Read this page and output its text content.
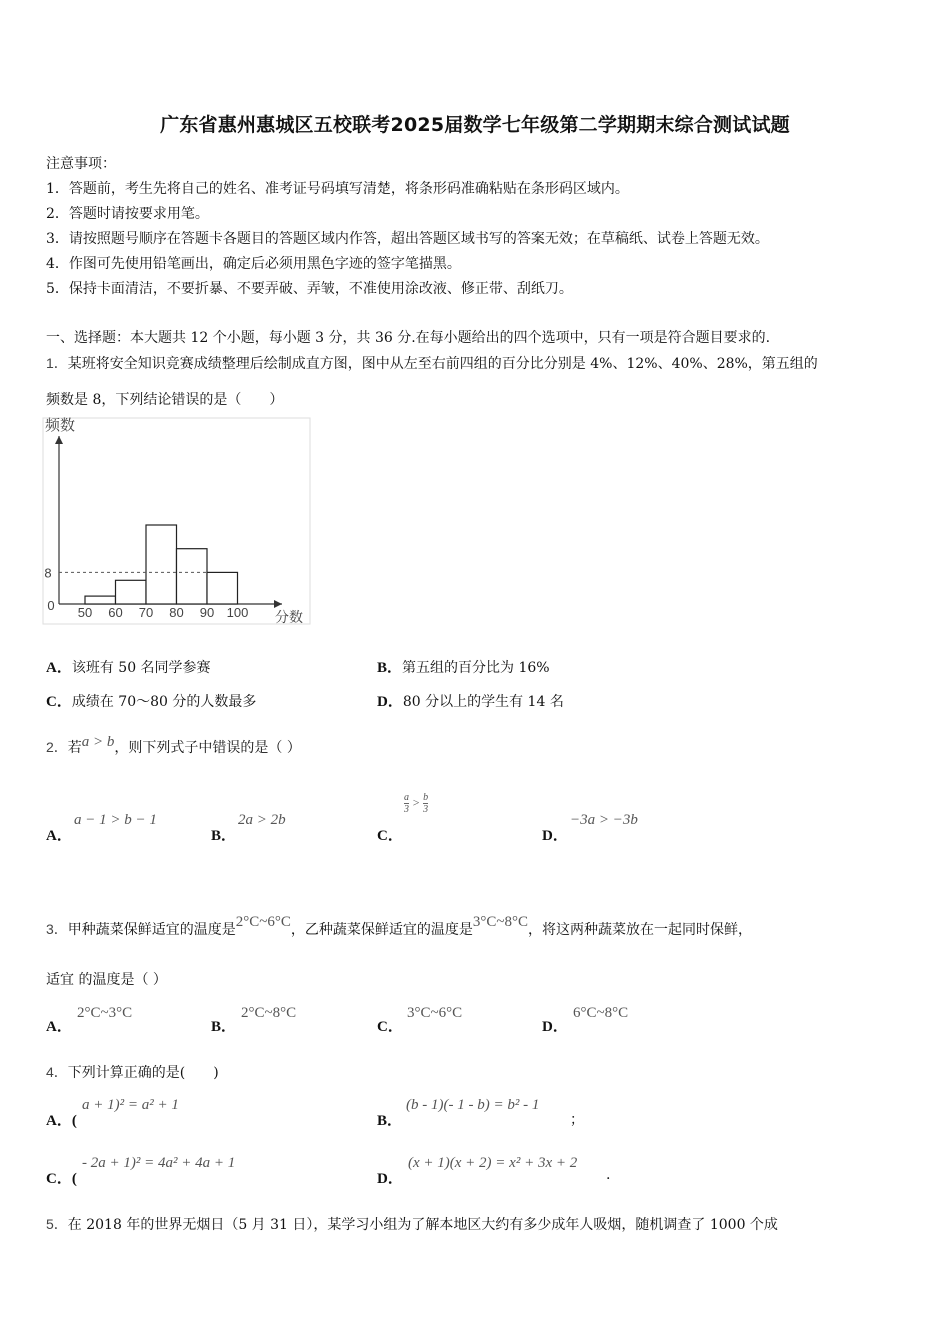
广东省惠州惠城区五校联考2025届数学七年级第二学期期末综合测试试题
注意事项：
1．答题前，考生先将自己的姓名、准考证号码填写清楚，将条形码准确粘贴在条形码区域内。
2．答题时请按要求用笔。
3．请按照题号顺序在答题卡各题目的答题区域内作答，超出答题区域书写的答案无效；在草稿纸、试卷上答题无效。
4．作图可先使用铅笔画出，确定后必须用黑色字迹的签字笔描黑。
5．保持卡面清洁，不要折暴、不要弄破、弄皱，不准使用涂改液、修正带、刮纸刀。
一、选择题：本大题共 12 个小题，每小题 3 分，共 36 分.在每小题给出的四个选项中，只有一项是符合题目要求的.
1．某班将安全知识竞赛成绩整理后绘制成直方图，图中从左至右前四组的百分比分别是 4%、12%、40%、28%，第五组的
频数是 8，下列结论错误的是（　　）
频数
分数
0
8
50 60 70 80 90 100
A．该班有 50 名同学参赛	B．第五组的百分比为 16%
C．成绩在 70～80 分的人数最多	D．80 分以上的学生有 14 名
2．若a > b，则下列式子中错误的是（ ）
A．
a − 1 > b − 1
B．
2a > 2b
C．
$\frac{a}{3} > \frac{b}{3}$
D．
−3a > −3b
3．甲种蔬菜保鲜适宜的温度是2°C~6°C，乙种蔬菜保鲜适宜的温度是3°C~8°C，将这两种蔬菜放在一起同时保鲜，
适宜 的温度是（ ）
A．
2°C~3°C
B．
2°C~8°C
C．
3°C~6°C
D．
6°C~8°C
4．下列计算正确的是(　　)
A．(
a + 1)² = a² + 1
B．
(b - 1)(- 1 - b) = b² - 1
；
C．(
- 2a + 1)² = 4a² + 4a + 1
D．
(x + 1)(x + 2) = x² + 3x + 2
.
5．在 2018 年的世界无烟日（5 月 31 日），某学习小组为了解本地区大约有多少成年人吸烟，随机调查了 1000 个成
